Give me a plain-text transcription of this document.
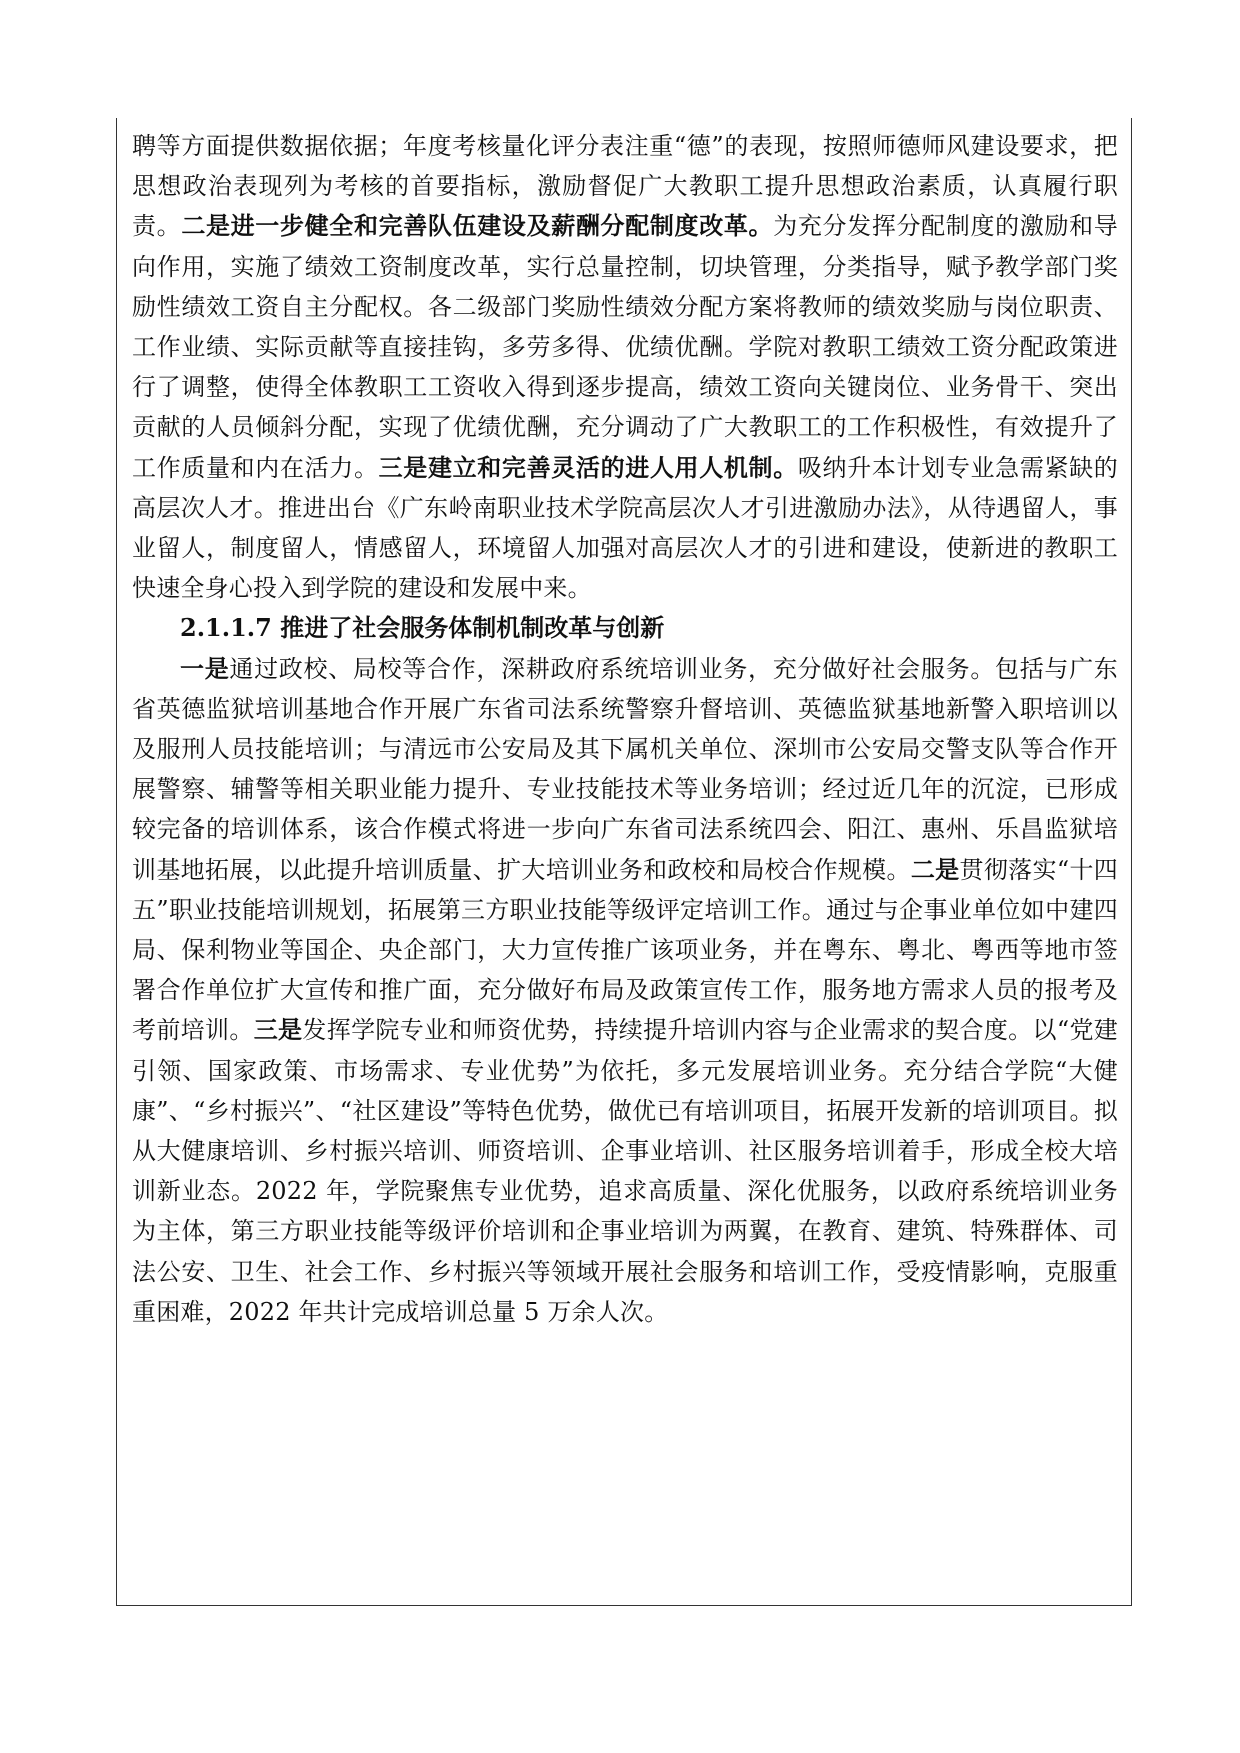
聘等方面提供数据依据；年度考核量化评分表注重“德”的表现，按照师德师风建设要求，把思想政治表现列为考核的首要指标，激励督促广大教职工提升思想政治素质，认真履行职责。二是进一步健全和完善队伍建设及薪酬分配制度改革。为充分发挥分配制度的激励和导向作用，实施了绩效工资制度改革，实行总量控制，切块管理，分类指导，赋予教学部门奖励性绩效工资自主分配权。各二级部门奖励性绩效分配方案将教师的绩效奖励与岗位职责、工作业绩、实际贡献等直接挂钩，多劳多得、优绩优酬。学院对教职工绩效工资分配政策进行了调整，使得全体教职工工资收入得到逐步提高，绩效工资向关键岗位、业务骨干、突出贡献的人员倾斜分配，实现了优绩优酬，充分调动了广大教职工的工作积极性，有效提升了工作质量和内在活力。三是建立和完善灵活的进人用人机制。吸纳升本计划专业急需紧缺的高层次人才。推进出台《广东岭南职业技术学院高层次人才引进激励办法》，从待遇留人，事业留人，制度留人，情感留人，环境留人加强对高层次人才的引进和建设，使新进的教职工快速全身心投入到学院的建设和发展中来。

2.1.1.7 推进了社会服务体制机制改革与创新

一是通过政校、局校等合作，深耕政府系统培训业务，充分做好社会服务。包括与广东省英德监狱培训基地合作开展广东省司法系统警察升督培训、英德监狱基地新警入职培训以及服刑人员技能培训；与清远市公安局及其下属机关单位、深圳市公安局交警支队等合作开展警察、辅警等相关职业能力提升、专业技能技术等业务培训；经过近几年的沉淀，已形成较完备的培训体系，该合作模式将进一步向广东省司法系统四会、阳江、惠州、乐昌监狱培训基地拓展，以此提升培训质量、扩大培训业务和政校和局校合作规模。二是贯彻落实“十四五”职业技能培训规划，拓展第三方职业技能等级评定培训工作。通过与企事业单位如中建四局、保利物业等国企、央企部门，大力宣传推广该项业务，并在粤东、粤北、粤西等地市签署合作单位扩大宣传和推广面，充分做好布局及政策宣传工作，服务地方需求人员的报考及考前培训。三是发挥学院专业和师资优势，持续提升培训内容与企业需求的契合度。以“党建引领、国家政策、市场需求、专业优势”为依托，多元发展培训业务。充分结合学院“大健康”、“乡村振兴”、“社区建设”等特色优势，做优已有培训项目，拓展开发新的培训项目。拟从大健康培训、乡村振兴培训、师资培训、企事业培训、社区服务培训着手，形成全校大培训新业态。2022 年，学院聚焦专业优势，追求高质量、深化优服务，以政府系统培训业务为主体，第三方职业技能等级评价培训和企事业培训为两翼，在教育、建筑、特殊群体、司法公安、卫生、社会工作、乡村振兴等领域开展社会服务和培训工作，受疫情影响，克服重重困难，2022 年共计完成培训总量 5 万余人次。
